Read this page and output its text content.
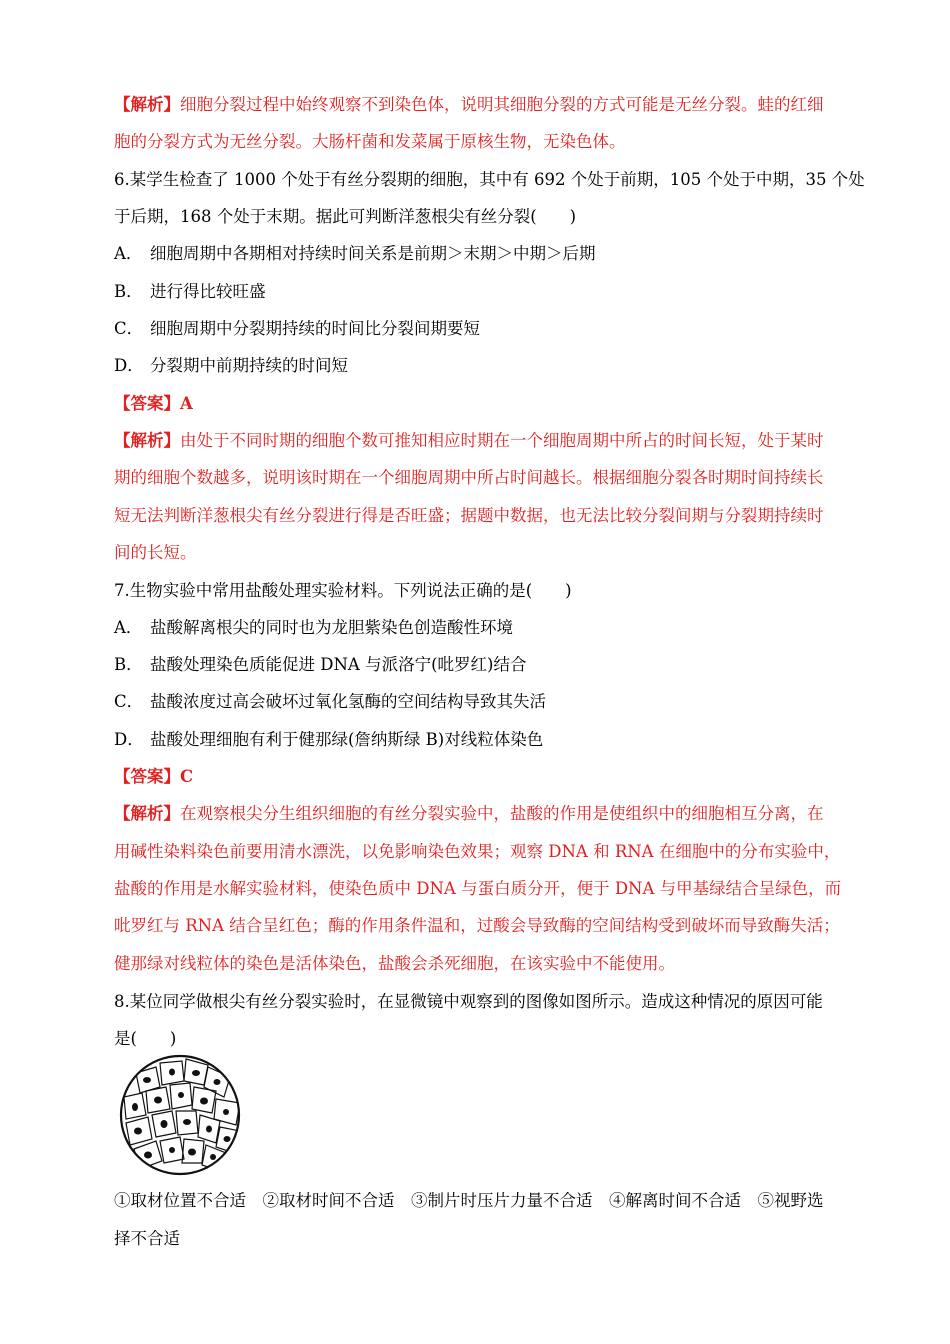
【解析】细胞分裂过程中始终观察不到染色体，说明其细胞分裂的方式可能是无丝分裂。蛙的红细
胞的分裂方式为无丝分裂。大肠杆菌和发菜属于原核生物，无染色体。
6.某学生检查了 1000 个处于有丝分裂期的细胞，其中有 692 个处于前期，105 个处于中期，35 个处
于后期，168 个处于末期。据此可判断洋葱根尖有丝分裂(　　)
A． 细胞周期中各期相对持续时间关系是前期＞末期＞中期＞后期
B． 进行得比较旺盛
C． 细胞周期中分裂期持续的时间比分裂间期要短
D． 分裂期中前期持续的时间短
【答案】A
【解析】由处于不同时期的细胞个数可推知相应时期在一个细胞周期中所占的时间长短，处于某时
期的细胞个数越多，说明该时期在一个细胞周期中所占时间越长。根据细胞分裂各时期时间持续长
短无法判断洋葱根尖有丝分裂进行得是否旺盛；据题中数据，也无法比较分裂间期与分裂期持续时
间的长短。
7.生物实验中常用盐酸处理实验材料。下列说法正确的是(　　)
A． 盐酸解离根尖的同时也为龙胆紫染色创造酸性环境
B． 盐酸处理染色质能促进 DNA 与派洛宁(吡罗红)结合
C． 盐酸浓度过高会破坏过氧化氢酶的空间结构导致其失活
D． 盐酸处理细胞有利于健那绿(詹纳斯绿 B)对线粒体染色
【答案】C
【解析】在观察根尖分生组织细胞的有丝分裂实验中，盐酸的作用是使组织中的细胞相互分离，在
用碱性染料染色前要用清水漂洗，以免影响染色效果；观察 DNA 和 RNA 在细胞中的分布实验中，
盐酸的作用是水解实验材料，使染色质中 DNA 与蛋白质分开，便于 DNA 与甲基绿结合呈绿色，而
吡罗红与 RNA 结合呈红色；酶的作用条件温和，过酸会导致酶的空间结构受到破坏而导致酶失活；
健那绿对线粒体的染色是活体染色，盐酸会杀死细胞，在该实验中不能使用。
8.某位同学做根尖有丝分裂实验时，在显微镜中观察到的图像如图所示。造成这种情况的原因可能
是(　　)
①取材位置不合适　②取材时间不合适　③制片时压片力量不合适　④解离时间不合适　⑤视野选
择不合适
